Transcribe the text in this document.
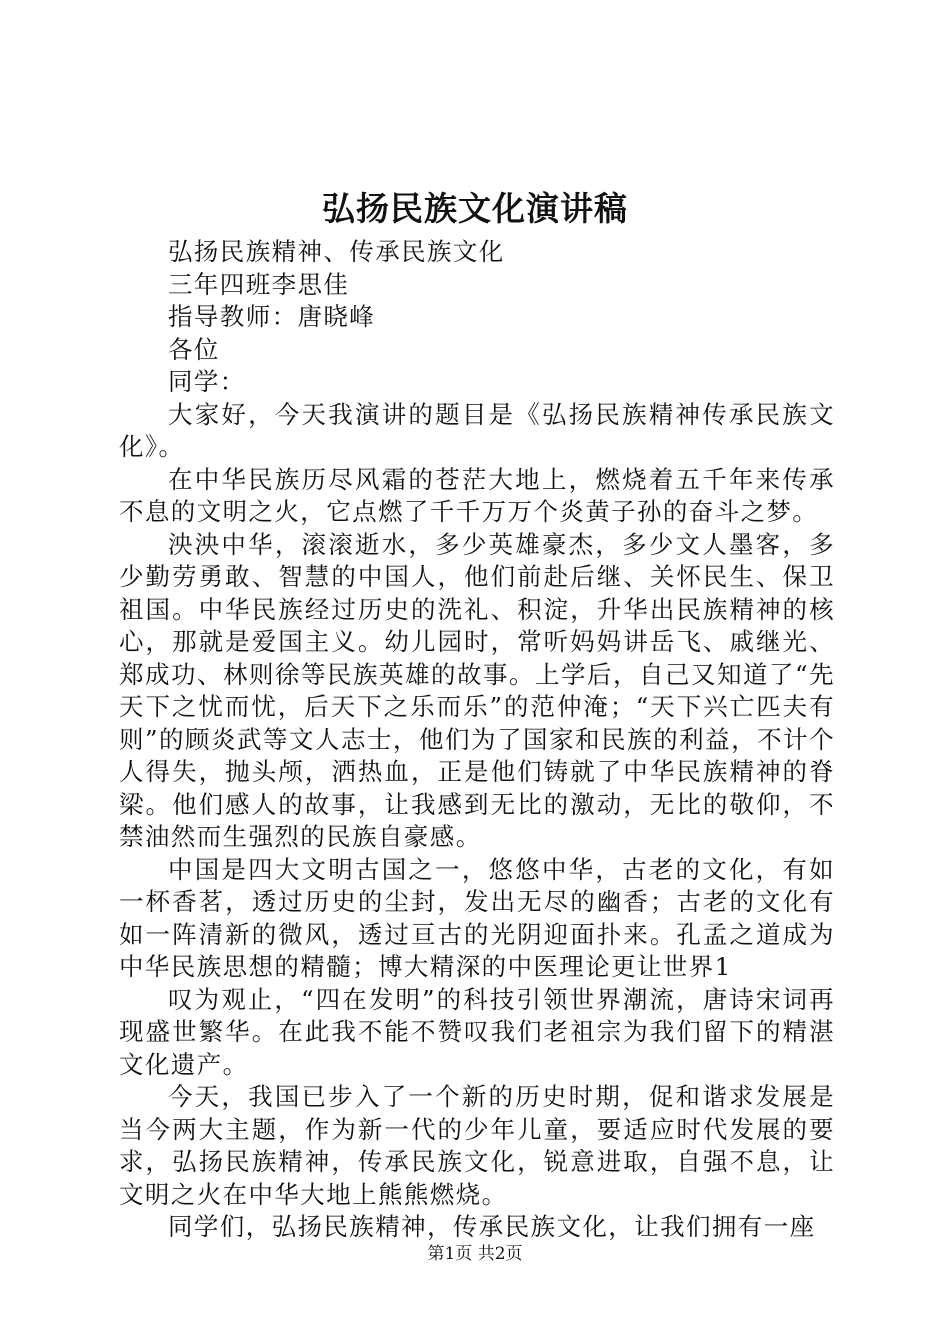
弘扬民族文化演讲稿

弘扬民族精神、传承民族文化

三年四班李思佳

指导教师：唐晓峰

各位

同学：

大家好，今天我演讲的题目是《弘扬民族精神传承民族文化》。

在中华民族历尽风霜的苍茫大地上，燃烧着五千年来传承不息的文明之火，它点燃了千千万万个炎黄子孙的奋斗之梦。

泱泱中华，滚滚逝水，多少英雄豪杰，多少文人墨客，多少勤劳勇敢、智慧的中国人，他们前赴后继、关怀民生、保卫祖国。中华民族经过历史的洗礼、积淀，升华出民族精神的核心，那就是爱国主义。幼儿园时，常听妈妈讲岳飞、戚继光、郑成功、林则徐等民族英雄的故事。上学后，自己又知道了“先天下之忧而忧，后天下之乐而乐”的范仲淹；“天下兴亡匹夫有则”的顾炎武等文人志士，他们为了国家和民族的利益，不计个人得失，抛头颅，洒热血，正是他们铸就了中华民族精神的脊梁。他们感人的故事，让我感到无比的激动，无比的敬仰，不禁油然而生强烈的民族自豪感。

中国是四大文明古国之一，悠悠中华，古老的文化，有如一杯香茗，透过历史的尘封，发出无尽的幽香；古老的文化有如一阵清新的微风，透过亘古的光阴迎面扑来。孔孟之道成为中华民族思想的精髓；博大精深的中医理论更让世界1

叹为观止，“四在发明”的科技引领世界潮流，唐诗宋词再现盛世繁华。在此我不能不赞叹我们老祖宗为我们留下的精湛文化遗产。

今天，我国已步入了一个新的历史时期，促和谐求发展是当今两大主题，作为新一代的少年儿童，要适应时代发展的要求，弘扬民族精神，传承民族文化，锐意进取，自强不息，让文明之火在中华大地上熊熊燃烧。

同学们，弘扬民族精神，传承民族文化，让我们拥有一座

第1页 共2页
